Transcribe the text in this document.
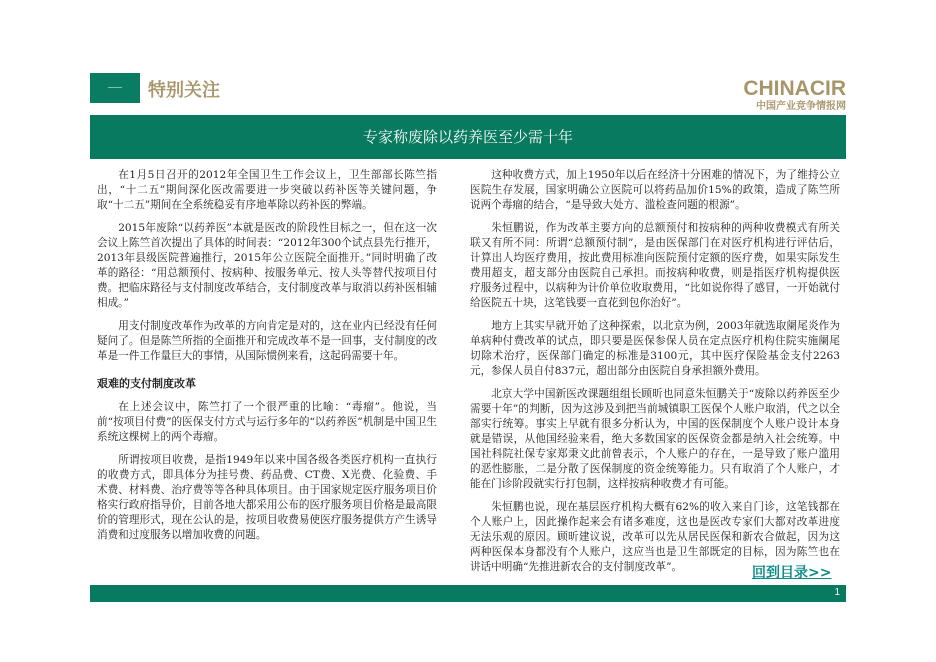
特别关注	CHINACIR
中国产业竞争情报网
专家称废除以药养医至少需十年

在1月5日召开的2012年全国卫生工作会议上，卫生部部长陈竺指出，“十二五”期间深化医改需要进一步突破以药补医等关键问题，争取“十二五”期间在全系统稳妥有序地革除以药补医的弊端。

2015年废除“以药养医”本就是医改的阶段性目标之一，但在这一次会议上陈竺首次提出了具体的时间表：“2012年300个试点县先行推开，2013年县级医院普遍推行，2015年公立医院全面推开。”同时明确了改革的路径：“用总额预付、按病种、按服务单元、按人头等替代按项目付费。把临床路径与支付制度改革结合，支付制度改革与取消以药补医相辅相成。”

用支付制度改革作为改革的方向肯定是对的，这在业内已经没有任何疑问了。但是陈竺所指的全面推开和完成改革不是一回事，支付制度的改革是一件工作量巨大的事情，从国际惯例来看，这起码需要十年。

艰难的支付制度改革

在上述会议中，陈竺打了一个很严重的比喻：“毒瘤”。他说，当前“按项目付费”的医保支付方式与运行多年的“以药养医”机制是中国卫生系统这棵树上的两个毒瘤。

所谓按项目收费，是指1949年以来中国各级各类医疗机构一直执行的收费方式，即具体分为挂号费、药品费、CT费、X光费、化验费、手术费、材料费、治疗费等等各种具体项目。由于国家规定医疗服务项目价格实行政府指导价，目前各地大都采用公布的医疗服务项目价格是最高限价的管理形式，现在公认的是，按项目收费易使医疗服务提供方产生诱导消费和过度服务以增加收费的问题。

这种收费方式，加上1950年以后在经济十分困难的情况下，为了维持公立医院生存发展，国家明确公立医院可以将药品加价15%的政策，造成了陈竺所说两个毒瘤的结合，“是导致大处方、滥检查问题的根源”。

朱恒鹏说，作为改革主要方向的总额预付和按病种的两种收费模式有所关联又有所不同：所谓“总额预付制”，是由医保部门在对医疗机构进行评估后，计算出人均医疗费用，按此费用标准向医院预付定额的医疗费，如果实际发生费用超支，超支部分由医院自己承担。而按病种收费，则是指医疗机构提供医疗服务过程中，以病种为计价单位收取费用，“比如说你得了感冒，一开始就付给医院五十块，这笔钱要一直花到包你治好”。

地方上其实早就开始了这种探索，以北京为例，2003年就选取阑尾炎作为单病种付费改革的试点，即只要是医保参保人员在定点医疗机构住院实施阑尾切除术治疗，医保部门确定的标准是3100元，其中医疗保险基金支付2263元，参保人员自付837元，超出部分由医院自身承担额外费用。

北京大学中国新医改课题组组长顾昕也同意朱恒鹏关于“废除以药养医至少需要十年”的判断，因为这涉及到把当前城镇职工医保个人账户取消，代之以全部实行统筹。事实上早就有很多分析认为，中国的医保制度个人账户设计本身就是错误，从他国经验来看，绝大多数国家的医保资金都是纳入社会统筹。中国社科院社保专家郑秉文此前曾表示，个人账户的存在，一是导致了账户滥用的恶性膨胀，二是分散了医保制度的资金统筹能力。只有取消了个人账户，才能在门诊阶段就实行打包制，这样按病种收费才有可能。

朱恒鹏也说，现在基层医疗机构大概有62%的收入来自门诊，这笔钱都在个人账户上，因此操作起来会有诸多难度，这也是医改专家们大都对改革进度无法乐观的原因。顾昕建议说，改革可以先从居民医保和新农合做起，因为这两种医保本身都没有个人账户，这应当也是卫生部既定的目标，因为陈竺也在讲话中明确“先推进新农合的支付制度改革”。	回到目录>>
1
